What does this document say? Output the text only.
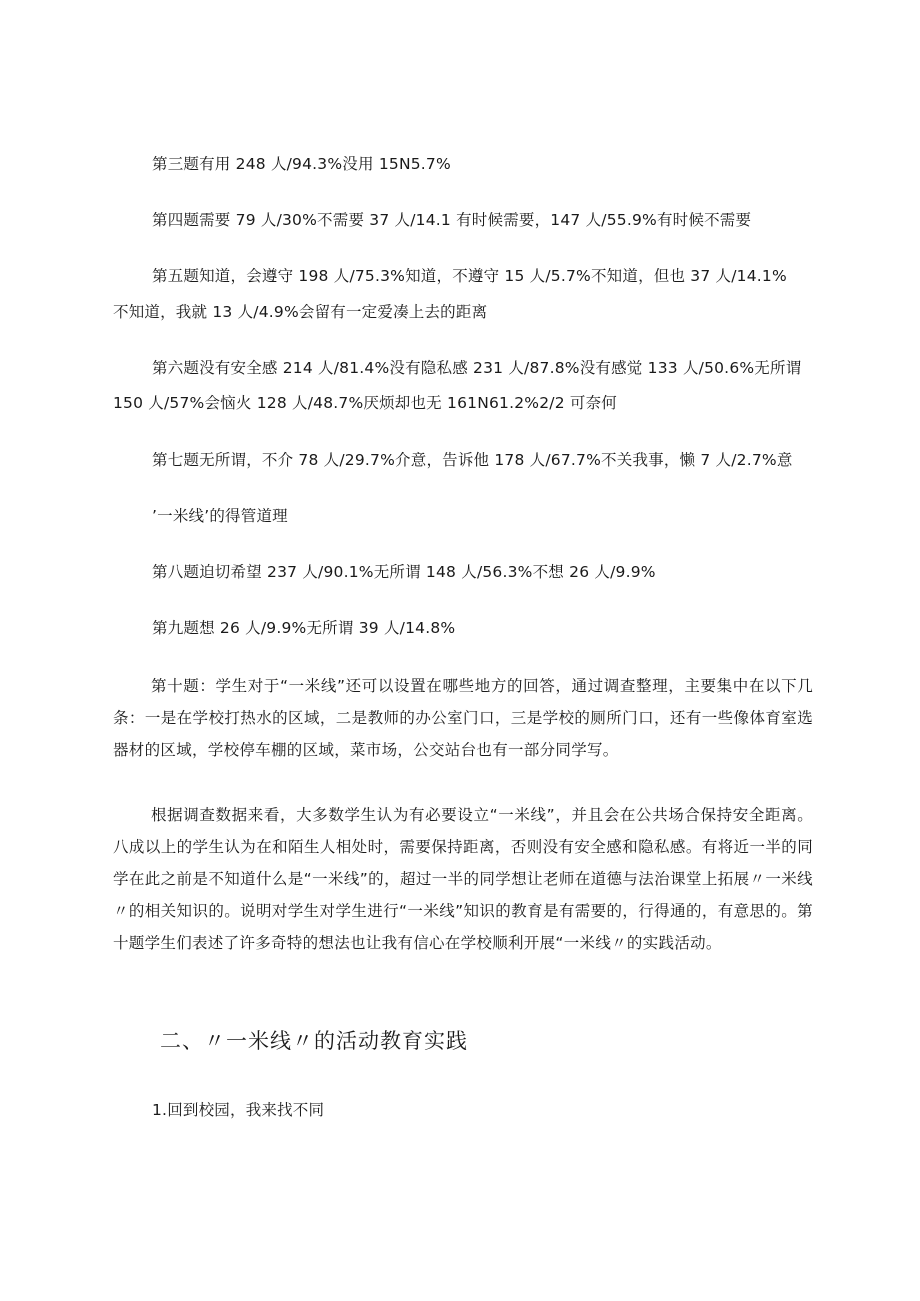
第三题有用 248 人/94.3%没用 15N5.7%
第四题需要 79 人/30%不需要 37 人/14.1 有时候需要，147 人/55.9%有时候不需要
第五题知道，会遵守 198 人/75.3%知道，不遵守 15 人/5.7%不知道，但也 37 人/14.1%
不知道，我就 13 人/4.9%会留有一定爱凑上去的距离
第六题没有安全感 214 人/81.4%没有隐私感 231 人/87.8%没有感觉 133 人/50.6%无所谓
150 人/57%会恼火 128 人/48.7%厌烦却也无 161N61.2%2/2 可奈何
第七题无所谓，不介 78 人/29.7%介意，告诉他 178 人/67.7%不关我事，懒 7 人/2.7%意
’一米线’的得管道理
第八题迫切希望 237 人/90.1%无所谓 148 人/56.3%不想 26 人/9.9%
第九题想 26 人/9.9%无所谓 39 人/14.8%
第十题：学生对于“一米线”还可以设置在哪些地方的回答，通过调查整理，主要集中在以下几条：一是在学校打热水的区域，二是教师的办公室门口，三是学校的厕所门口，还有一些像体育室选器材的区域，学校停车棚的区域，菜市场，公交站台也有一部分同学写。
根据调查数据来看，大多数学生认为有必要设立“一米线”，并且会在公共场合保持安全距离。八成以上的学生认为在和陌生人相处时，需要保持距离，否则没有安全感和隐私感。有将近一半的同学在此之前是不知道什么是“一米线”的，超过一半的同学想让老师在道德与法治课堂上拓展〃一米线〃的相关知识的。说明对学生对学生进行“一米线”知识的教育是有需要的，行得通的，有意思的。第十题学生们表述了许多奇特的想法也让我有信心在学校顺利开展“一米线〃的实践活动。
二、〃一米线〃的活动教育实践
1.回到校园，我来找不同
